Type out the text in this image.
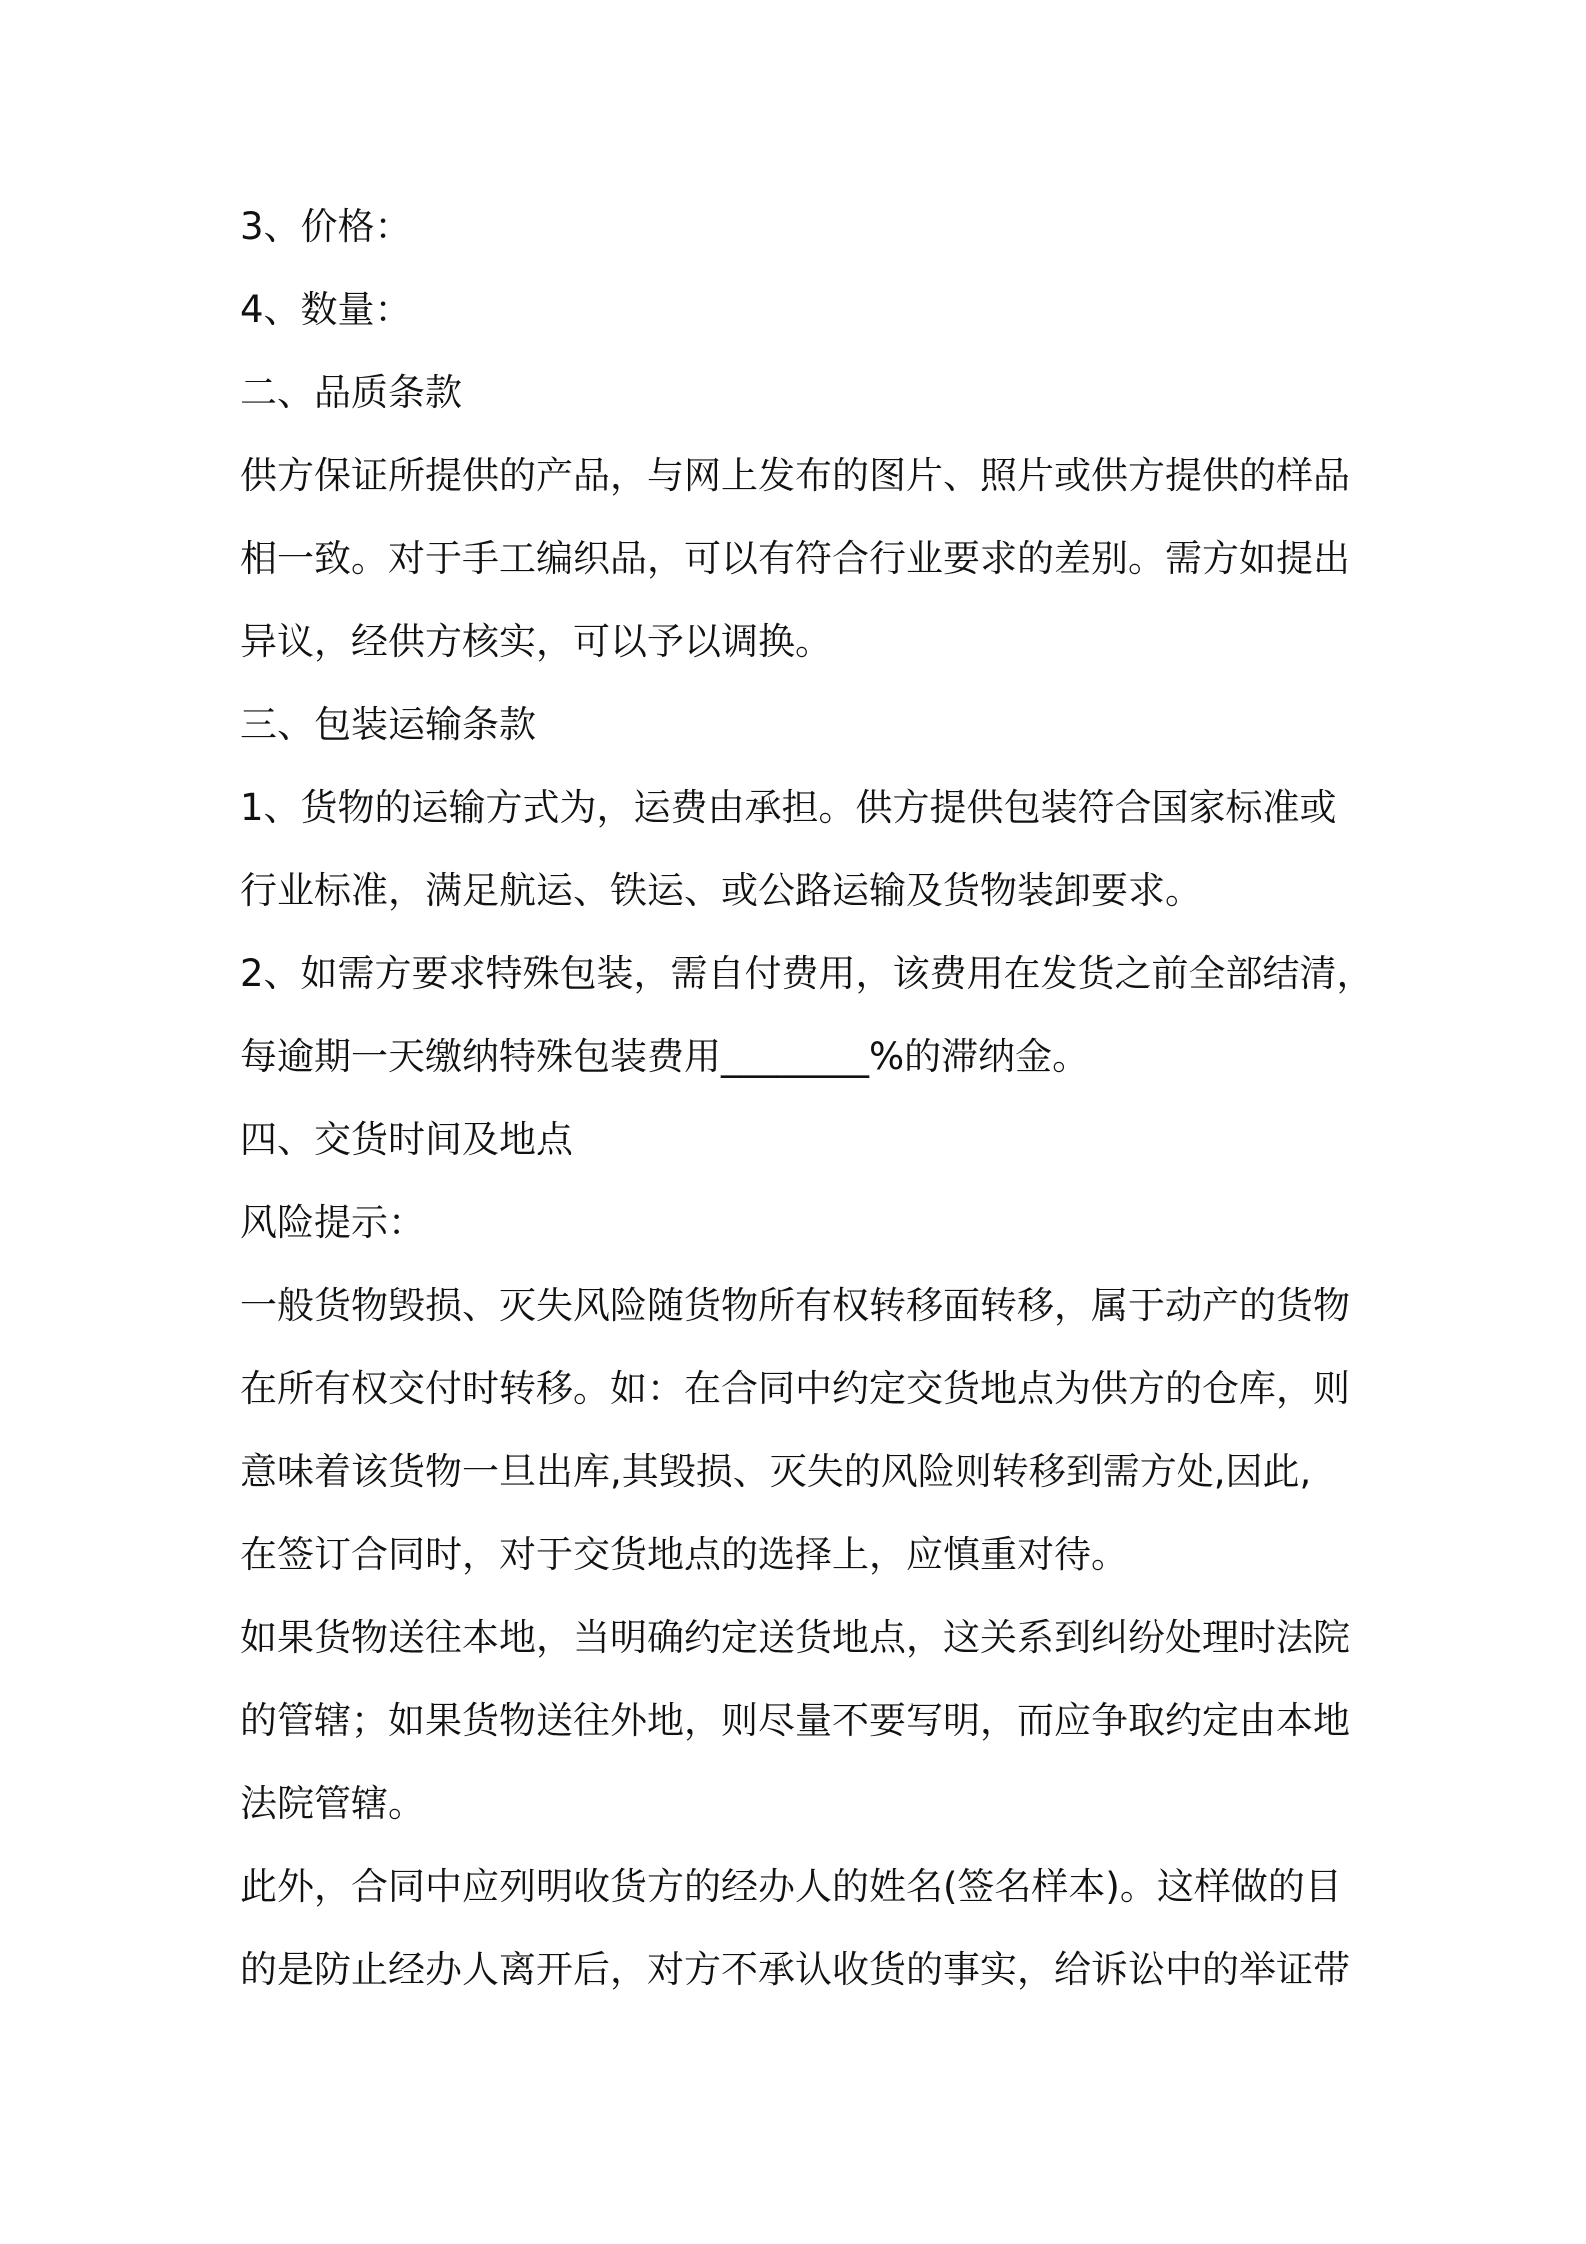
3、价格：
4、数量：
二、品质条款
供方保证所提供的产品，与网上发布的图片、照片或供方提供的样品
相一致。对于手工编织品，可以有符合行业要求的差别。需方如提出
异议，经供方核实，可以予以调换。
三、包装运输条款
1、货物的运输方式为，运费由承担。供方提供包装符合国家标准或
行业标准，满足航运、铁运、或公路运输及货物装卸要求。
2、如需方要求特殊包装，需自付费用，该费用在发货之前全部结清，
每逾期一天缴纳特殊包装费用________%的滞纳金。
四、交货时间及地点
风险提示：
一般货物毁损、灭失风险随货物所有权转移面转移，属于动产的货物
在所有权交付时转移。如：在合同中约定交货地点为供方的仓库，则
意味着该货物一旦出库,其毁损、灭失的风险则转移到需方处,因此,
在签订合同时，对于交货地点的选择上，应慎重对待。
如果货物送往本地，当明确约定送货地点，这关系到纠纷处理时法院
的管辖；如果货物送往外地，则尽量不要写明，而应争取约定由本地
法院管辖。
此外，合同中应列明收货方的经办人的姓名(签名样本)。这样做的目
的是防止经办人离开后，对方不承认收货的事实，给诉讼中的举证带
